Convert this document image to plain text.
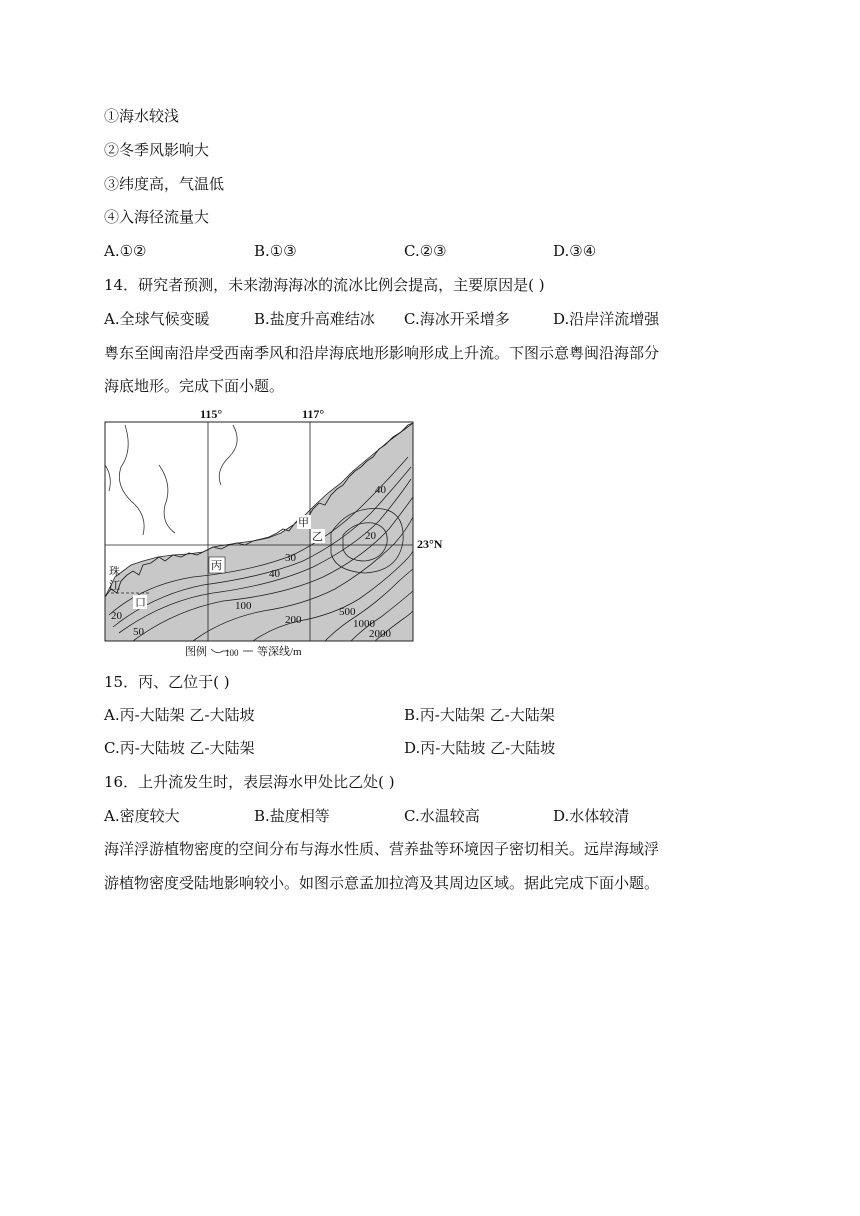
①海水较浅
②冬季风影响大
③纬度高，气温低
④入海径流量大
A.①②	B.①③	C.②③	D.③④
14．研究者预测，未来渤海海冰的流冰比例会提高，主要原因是( )
A.全球气候变暖	B.盐度升高难结冰 C.海冰开采增多	D.沿岸洋流增强
粤东至闽南沿岸受西南季风和沿岸海底地形影响形成上升流。下图示意粤闽沿海部分
海底地形。完成下面小题。
115°	117°
23°N
40
20
30
40
100
200
500
1000
2000
20
50
甲
乙
丙
珠
江
口
图例 100 等深线/m
15．丙、乙位于( )
A.丙-大陆架 乙-大陆坡	B.丙-大陆架 乙-大陆架
C.丙-大陆坡 乙-大陆架	D.丙-大陆坡 乙-大陆坡
16．上升流发生时，表层海水甲处比乙处( )
A.密度较大	B.盐度相等	C.水温较高	D.水体较清
海洋浮游植物密度的空间分布与海水性质、营养盐等环境因子密切相关。远岸海域浮
游植物密度受陆地影响较小。如图示意孟加拉湾及其周边区域。据此完成下面小题。
